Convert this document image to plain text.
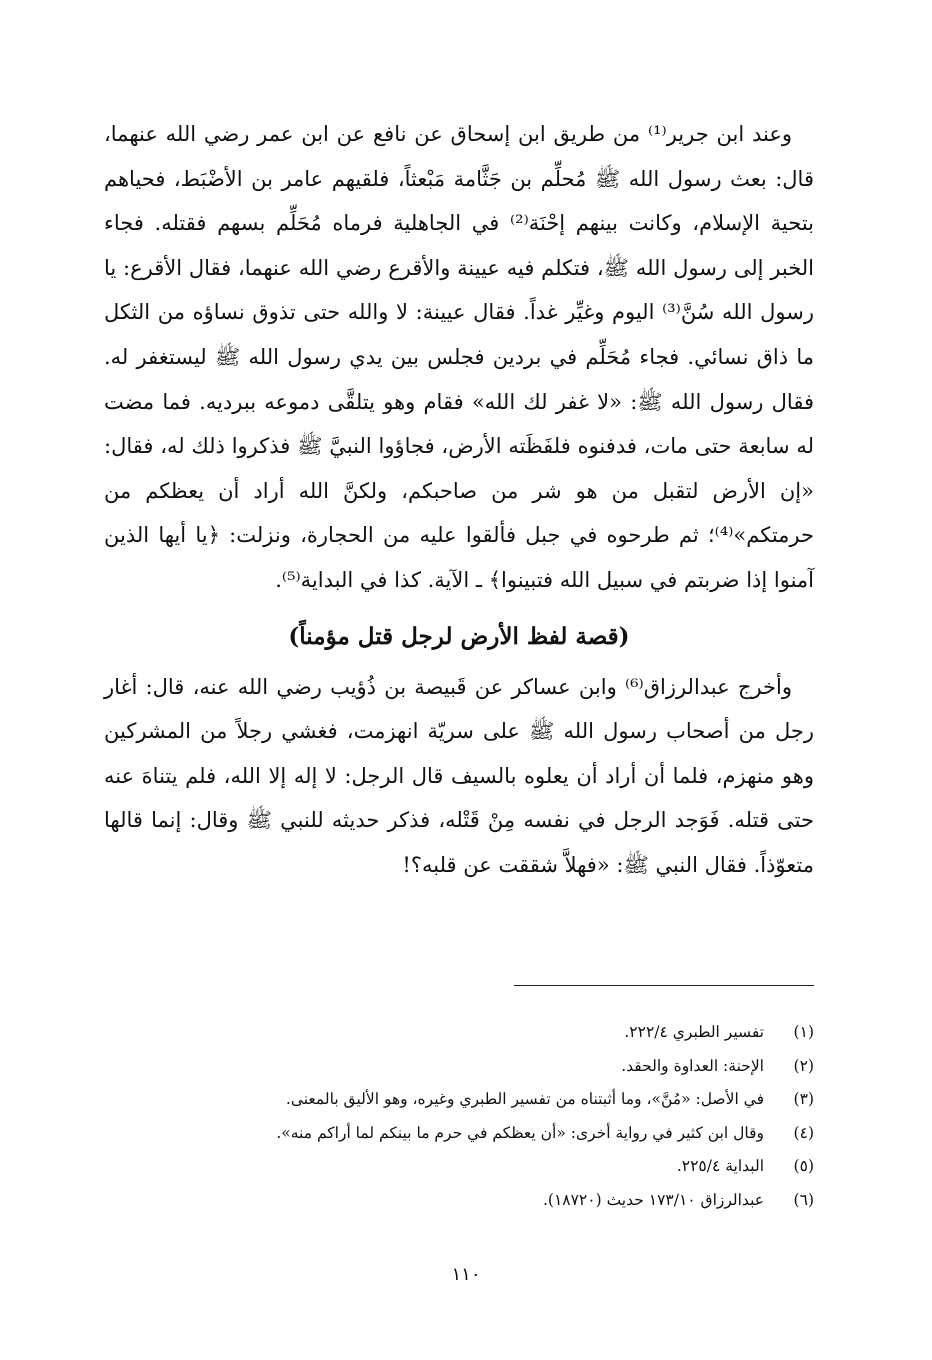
وعند ابن جرير⁽¹⁾ من طريق ابن إسحاق عن نافع عن ابن عمر رضي الله عنهما، قال: بعث رسول الله ﷺ مُحلِّم بن جَثَّامة مَبْعثاً، فلقيهم عامر بن الأضْبَط، فحياهم بتحية الإسلام، وكانت بينهم إحْنَة⁽²⁾ في الجاهلية فرماه مُحَلِّم بسهم فقتله. فجاء الخبر إلى رسول الله ﷺ، فتكلم فيه عيينة والأقرع رضي الله عنهما، فقال الأقرع: يا رسول الله سُنَّ⁽³⁾ اليوم وغيِّر غداً. فقال عيينة: لا والله حتى تذوق نساؤه من الثكل ما ذاق نسائي. فجاء مُحَلِّم في بردين فجلس بين يدي رسول الله ﷺ ليستغفر له. فقال رسول الله ﷺ: «لا غفر لك الله» فقام وهو يتلقَّى دموعه ببرديه. فما مضت له سابعة حتى مات، فدفنوه فلفَظَته الأرض، فجاؤوا النبيَّ ﷺ فذكروا ذلك له، فقال: «إن الأرض لتقبل من هو شر من صاحبكم، ولكنَّ الله أراد أن يعظكم من حرمتكم»⁽⁴⁾؛ ثم طرحوه في جبل فألقوا عليه من الحجارة، ونزلت: ﴿يا أيها الذين آمنوا إذا ضربتم في سبيل الله فتبينوا﴾ ـ الآية. كذا في البداية⁽⁵⁾.

(قصة لفظ الأرض لرجل قتل مؤمناً)

وأخرج عبدالرزاق⁽⁶⁾ وابن عساكر عن قَبيصة بن ذُؤيب رضي الله عنه، قال: أغار رجل من أصحاب رسول الله ﷺ على سريّة انهزمت، فغشي رجلاً من المشركين وهو منهزم، فلما أن أراد أن يعلوه بالسيف قال الرجل: لا إله إلا الله، فلم يتناهَ عنه حتى قتله. فَوَجد الرجل في نفسه مِنْ قَتْله، فذكر حديثه للنبي ﷺ وقال: إنما قالها متعوّذاً. فقال النبي ﷺ: «فهلاَّ شققت عن قلبه؟!

(١)
تفسير الطبري ٢٢٢/٤.
(٢)
الإحنة: العداوة والحقد.
(٣)
في الأصل: «مُنَّ»، وما أثبتناه من تفسير الطبري وغيره، وهو الأليق بالمعنى.
(٤)
وقال ابن كثير في رواية أخرى: «أن يعظكم في حرم ما بينكم لما أراكم منه».
(٥)
البداية ٢٢٥/٤.
(٦)
عبدالرزاق ١٧٣/١٠ حديث (١٨٧٢٠).
١١٠
